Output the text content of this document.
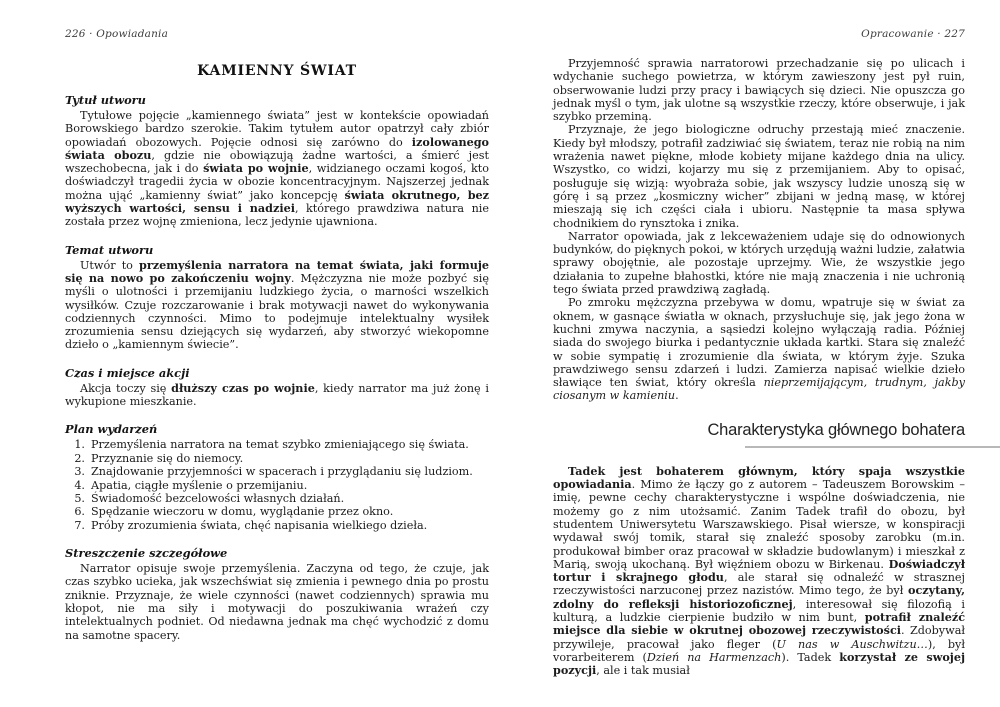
226 · Opowiadania
KAMIENNY ŚWIAT
Tytuł utworu

Tytułowe pojęcie „kamiennego świata” jest w kontekście opowiadań Borowskiego bardzo szerokie. Takim tytułem autor opatrzył cały zbiór opowiadań obozowych. Pojęcie odnosi się zarówno do izolowanego świata obozu, gdzie nie obowiązują żadne wartości, a śmierć jest wszechobecna, jak i do świata po wojnie, widzianego oczami kogoś, kto doświadczył tragedii życia w obozie koncentracyjnym. Najszerzej jednak można ująć „kamienny świat” jako koncepcję świata okrutnego, bez wyższych wartości, sensu i nadziei, którego prawdziwa natura nie została przez wojnę zmieniona, lecz jedynie ujawniona.

Temat utworu

Utwór to przemyślenia narratora na temat świata, jaki formuje się na nowo po zakończeniu wojny. Mężczyzna nie może pozbyć się myśli o ulotności i przemijaniu ludzkiego życia, o marności wszelkich wysiłków. Czuje rozczarowanie i brak motywacji nawet do wykonywania codziennych czynności. Mimo to podejmuje intelektualny wysiłek zrozumienia sensu dziejących się wydarzeń, aby stworzyć wiekopomne dzieło o „kamiennym świecie”.

Czas i miejsce akcji

Akcja toczy się dłuższy czas po wojnie, kiedy narrator ma już żonę i wykupione mieszkanie.

Plan wydarzeń
1. Przemyślenia narratora na temat szybko zmieniającego się świata.
2. Przyznanie się do niemocy.
3. Znajdowanie przyjemności w spacerach i przyglądaniu się ludziom.
4. Apatia, ciągłe myślenie o przemijaniu.
5. Świadomość bezcelowości własnych działań.
6. Spędzanie wieczoru w domu, wyglądanie przez okno.
7. Próby zrozumienia świata, chęć napisania wielkiego dzieła.
Streszczenie szczegółowe

Narrator opisuje swoje przemyślenia. Zaczyna od tego, że czuje, jak czas szybko ucieka, jak wszechświat się zmienia i pewnego dnia po prostu zniknie. Przyznaje, że wiele czynności (nawet codziennych) sprawia mu kłopot, nie ma siły i motywacji do poszukiwania wrażeń czy intelektualnych podniet. Od niedawna jednak ma chęć wychodzić z domu na samotne spacery.

Opracowanie · 227

Przyjemność sprawia narratorowi przechadzanie się po ulicach i wdychanie suchego powietrza, w którym zawieszony jest pył ruin, obserwowanie ludzi przy pracy i bawiących się dzieci. Nie opuszcza go jednak myśl o tym, jak ulotne są wszystkie rzeczy, które obserwuje, i jak szybko przeminą.

Przyznaje, że jego biologiczne odruchy przestają mieć znaczenie. Kiedy był młodszy, potrafił zadziwiać się światem, teraz nie robią na nim wrażenia nawet piękne, młode kobiety mijane każdego dnia na ulicy. Wszystko, co widzi, kojarzy mu się z przemijaniem. Aby to opisać, posługuje się wizją: wyobraża sobie, jak wszyscy ludzie unoszą się w górę i są przez „kosmiczny wicher” zbijani w jedną masę, w której mieszają się ich części ciała i ubioru. Następnie ta masa spływa chodnikiem do rynsztoka i znika.

Narrator opowiada, jak z lekceważeniem udaje się do odnowionych budynków, do pięknych pokoi, w których urzędują ważni ludzie, załatwia sprawy obojętnie, ale pozostaje uprzejmy. Wie, że wszystkie jego działania to zupełne błahostki, które nie mają znaczenia i nie uchronią tego świata przed prawdziwą zagładą.

Po zmroku mężczyzna przebywa w domu, wpatruje się w świat za oknem, w gasnące światła w oknach, przysłuchuje się, jak jego żona w kuchni zmywa naczynia, a sąsiedzi kolejno wyłączają radia. Później siada do swojego biurka i pedantycznie układa kartki. Stara się znaleźć w sobie sympatię i zrozumienie dla świata, w którym żyje. Szuka prawdziwego sensu zdarzeń i ludzi. Zamierza napisać wielkie dzieło sławiące ten świat, który określa nieprzemijającym, trudnym, jakby ciosanym w kamieniu.

Charakterystyka głównego bohatera

Tadek jest bohaterem głównym, który spaja wszystkie opowiadania. Mimo że łączy go z autorem – Tadeuszem Borowskim – imię, pewne cechy charakterystyczne i wspólne doświadczenia, nie możemy go z nim utożsamić. Zanim Tadek trafił do obozu, był studentem Uniwersytetu Warszawskiego. Pisał wiersze, w konspiracji wydawał swój tomik, starał się znaleźć sposoby zarobku (m.in. produkował bimber oraz pracował w składzie budowlanym) i mieszkał z Marią, swoją ukochaną. Był więźniem obozu w Birkenau. Doświadczył tortur i skrajnego głodu, ale starał się odnaleźć w strasznej rzeczywistości narzuconej przez nazistów. Mimo tego, że był oczytany, zdolny do refleksji historiozoficznej, interesował się filozofią i kulturą, a ludzkie cierpienie budziło w nim bunt, potrafił znaleźć miejsce dla siebie w okrutnej obozowej rzeczywistości. Zdobywał przywileje, pracował jako fleger (U nas w Auschwitzu…), był vorarbeiterem (Dzień na Harmenzach). Tadek korzystał ze swojej pozycji, ale i tak musiał
